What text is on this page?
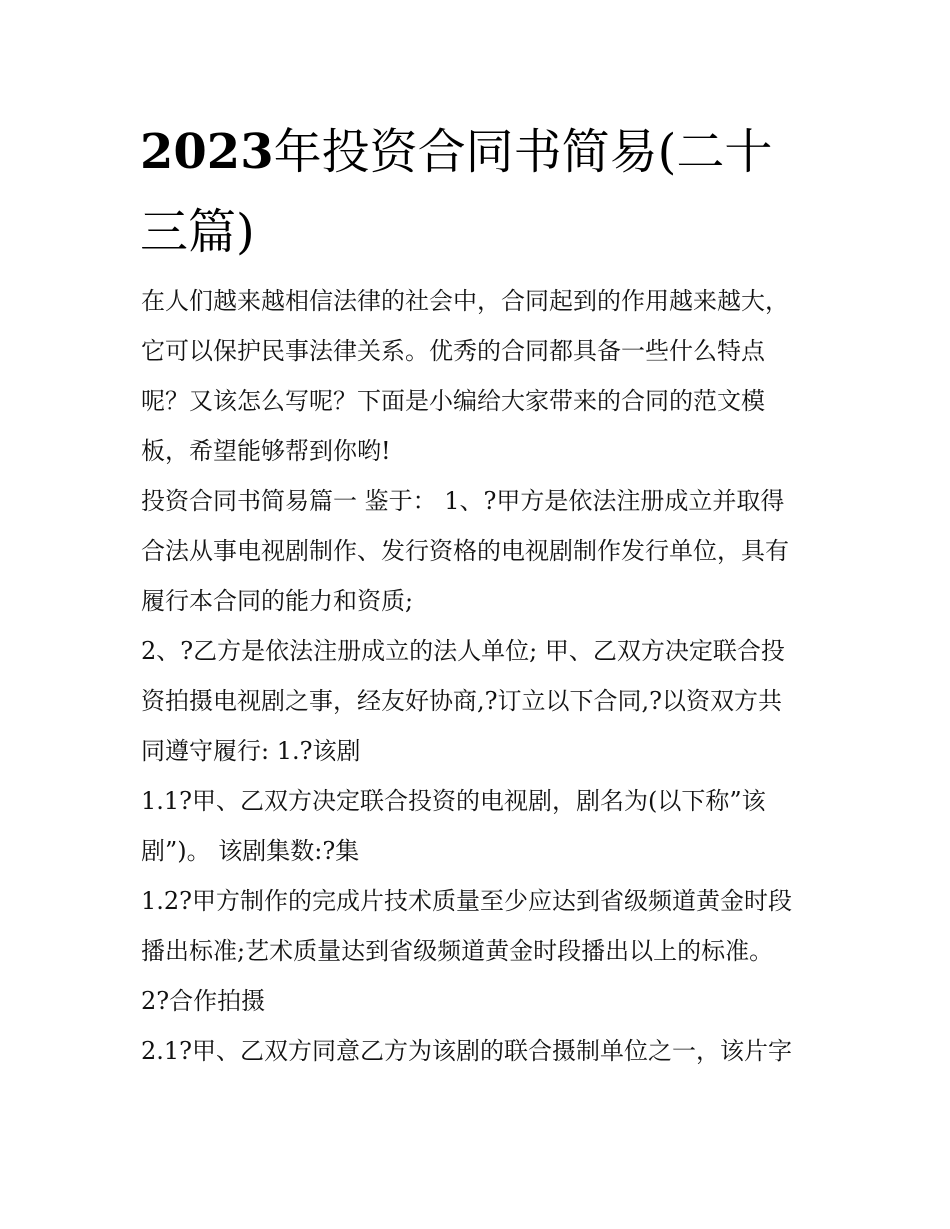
2023年投资合同书简易(二十
三篇)

在人们越来越相信法律的社会中，合同起到的作用越来越大，
它可以保护民事法律关系。优秀的合同都具备一些什么特点
呢？又该怎么写呢？下面是小编给大家带来的合同的范文模
板，希望能够帮到你哟!

投资合同书简易篇一 鉴于： 1、?甲方是依法注册成立并取得
合法从事电视剧制作、发行资格的电视剧制作发行单位，具有
履行本合同的能力和资质;

2、?乙方是依法注册成立的法人单位; 甲、乙双方决定联合投
资拍摄电视剧之事，经友好协商,?订立以下合同,?以资双方共
同遵守履行: 1.?该剧

1.1?甲、乙双方决定联合投资的电视剧，剧名为(以下称”该
剧”)。 该剧集数:?集

1.2?甲方制作的完成片技术质量至少应达到省级频道黄金时段
播出标准;艺术质量达到省级频道黄金时段播出以上的标准。

2?合作拍摄

2.1?甲、乙双方同意乙方为该剧的联合摄制单位之一，该片字
